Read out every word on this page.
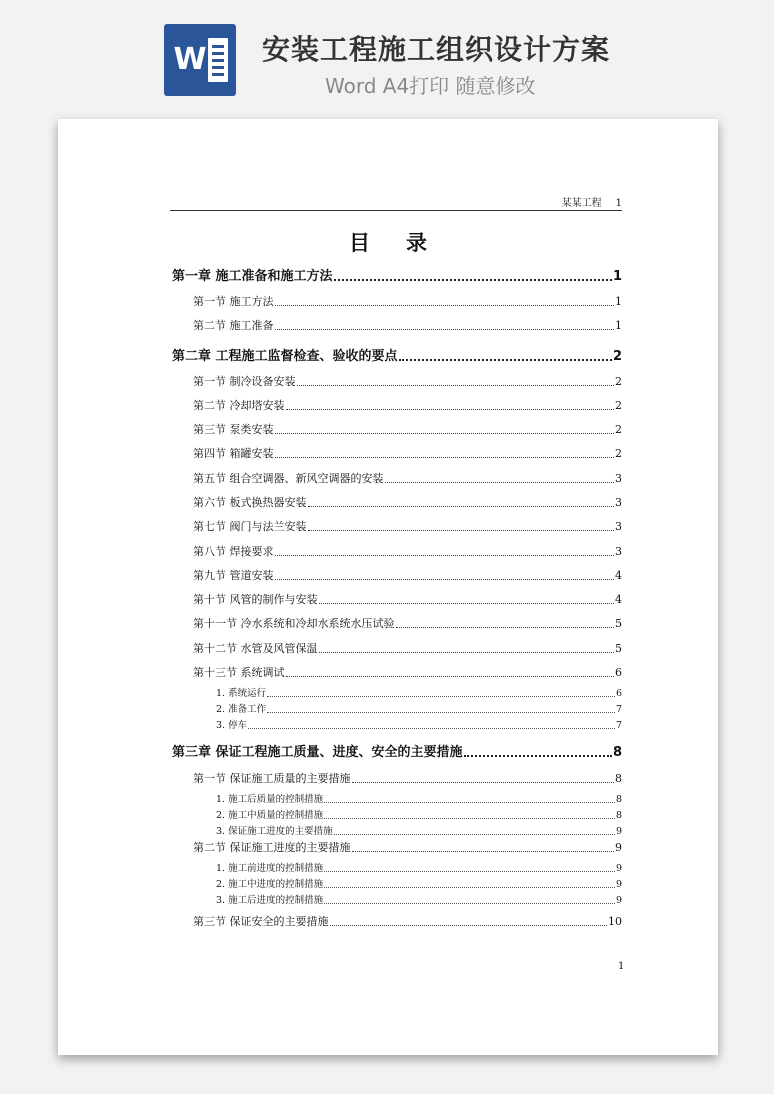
W 安装工程施工组织设计方案
Word A4打印 随意修改
某某工程 1
目录
第一章 施工准备和施工方法	1
第一节 施工方法	1
第二节 施工准备	1
第二章 工程施工监督检查、验收的要点	2
第一节 制冷设备安装	2
第二节 冷却塔安装	2
第三节 泵类安装	2
第四节 箱罐安装	2
第五节 组合空调器、新风空调器的安装	3
第六节 板式换热器安装	3
第七节 阀门与法兰安装	3
第八节 焊接要求	3
第九节 管道安装	4
第十节 风管的制作与安装	4
第十一节 冷水系统和冷却水系统水压试验	5
第十二节 水管及风管保温	5
第十三节 系统调试	6
1. 系统运行	6
2. 准备工作	7
3. 停车	7
第三章 保证工程施工质量、进度、安全的主要措施	8
第一节 保证施工质量的主要措施	8
1. 施工后质量的控制措施	8
2. 施工中质量的控制措施	8
3. 保证施工进度的主要措施	9
第二节 保证施工进度的主要措施	9
1. 施工前进度的控制措施	9
2. 施工中进度的控制措施	9
3. 施工后进度的控制措施	9
第三节 保证安全的主要措施	10
1
